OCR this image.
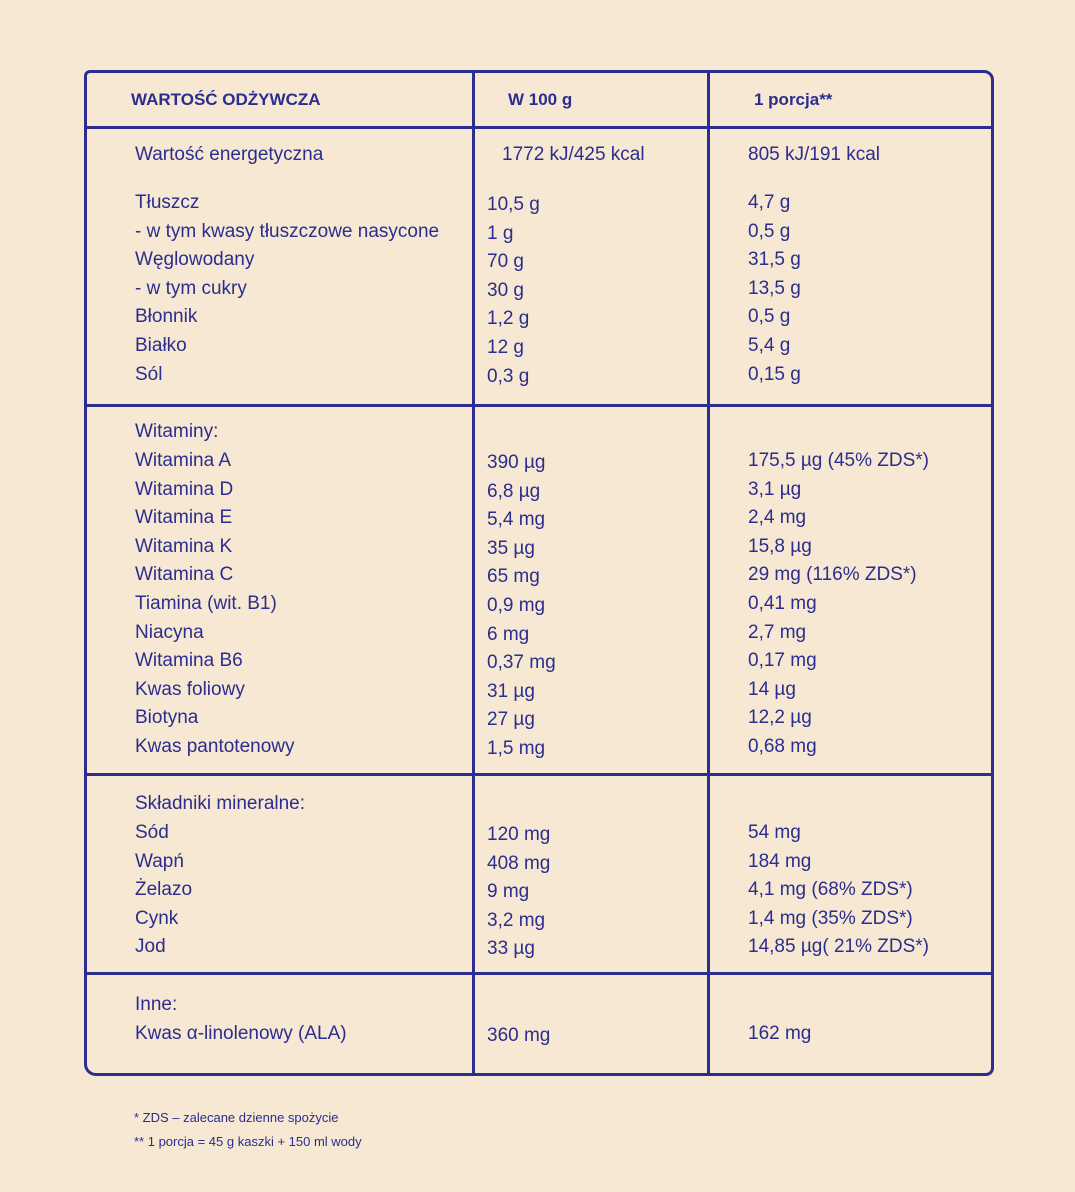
WARTOŚĆ ODŻYWCZA	W 100 g	1 porcja**
Wartość energetyczna	1772 kJ/425 kcal	805 kJ/191 kcal
Tłuszcz	10,5 g	4,7 g
- w tym kwasy tłuszczowe nasycone	1 g	0,5 g
Węglowodany	70 g	31,5 g
- w tym cukry	30 g	13,5 g
Błonnik	1,2 g	0,5 g
Białko	12 g	5,4 g
Sól	0,3 g	0,15 g
Witaminy:
Witamina A	390 µg	175,5 µg (45% ZDS*)
Witamina D	6,8 µg	3,1 µg
Witamina E	5,4 mg	2,4 mg
Witamina K	35 µg	15,8 µg
Witamina C	65 mg	29 mg (116% ZDS*)
Tiamina (wit. B1)	0,9 mg	0,41 mg
Niacyna	6 mg	2,7 mg
Witamina B6	0,37 mg	0,17 mg
Kwas foliowy	31 µg	14 µg
Biotyna	27 µg	12,2 µg
Kwas pantotenowy	1,5 mg	0,68 mg
Składniki mineralne:
Sód	120 mg	54 mg
Wapń	408 mg	184 mg
Żelazo	9 mg	4,1 mg (68% ZDS*)
Cynk	3,2 mg	1,4 mg (35% ZDS*)
Jod	33 µg	14,85 µg( 21% ZDS*)
Inne:
Kwas α-linolenowy (ALA)	360 mg	162 mg
* ZDS – zalecane dzienne spożycie
** 1 porcja = 45 g kaszki + 150 ml wody
